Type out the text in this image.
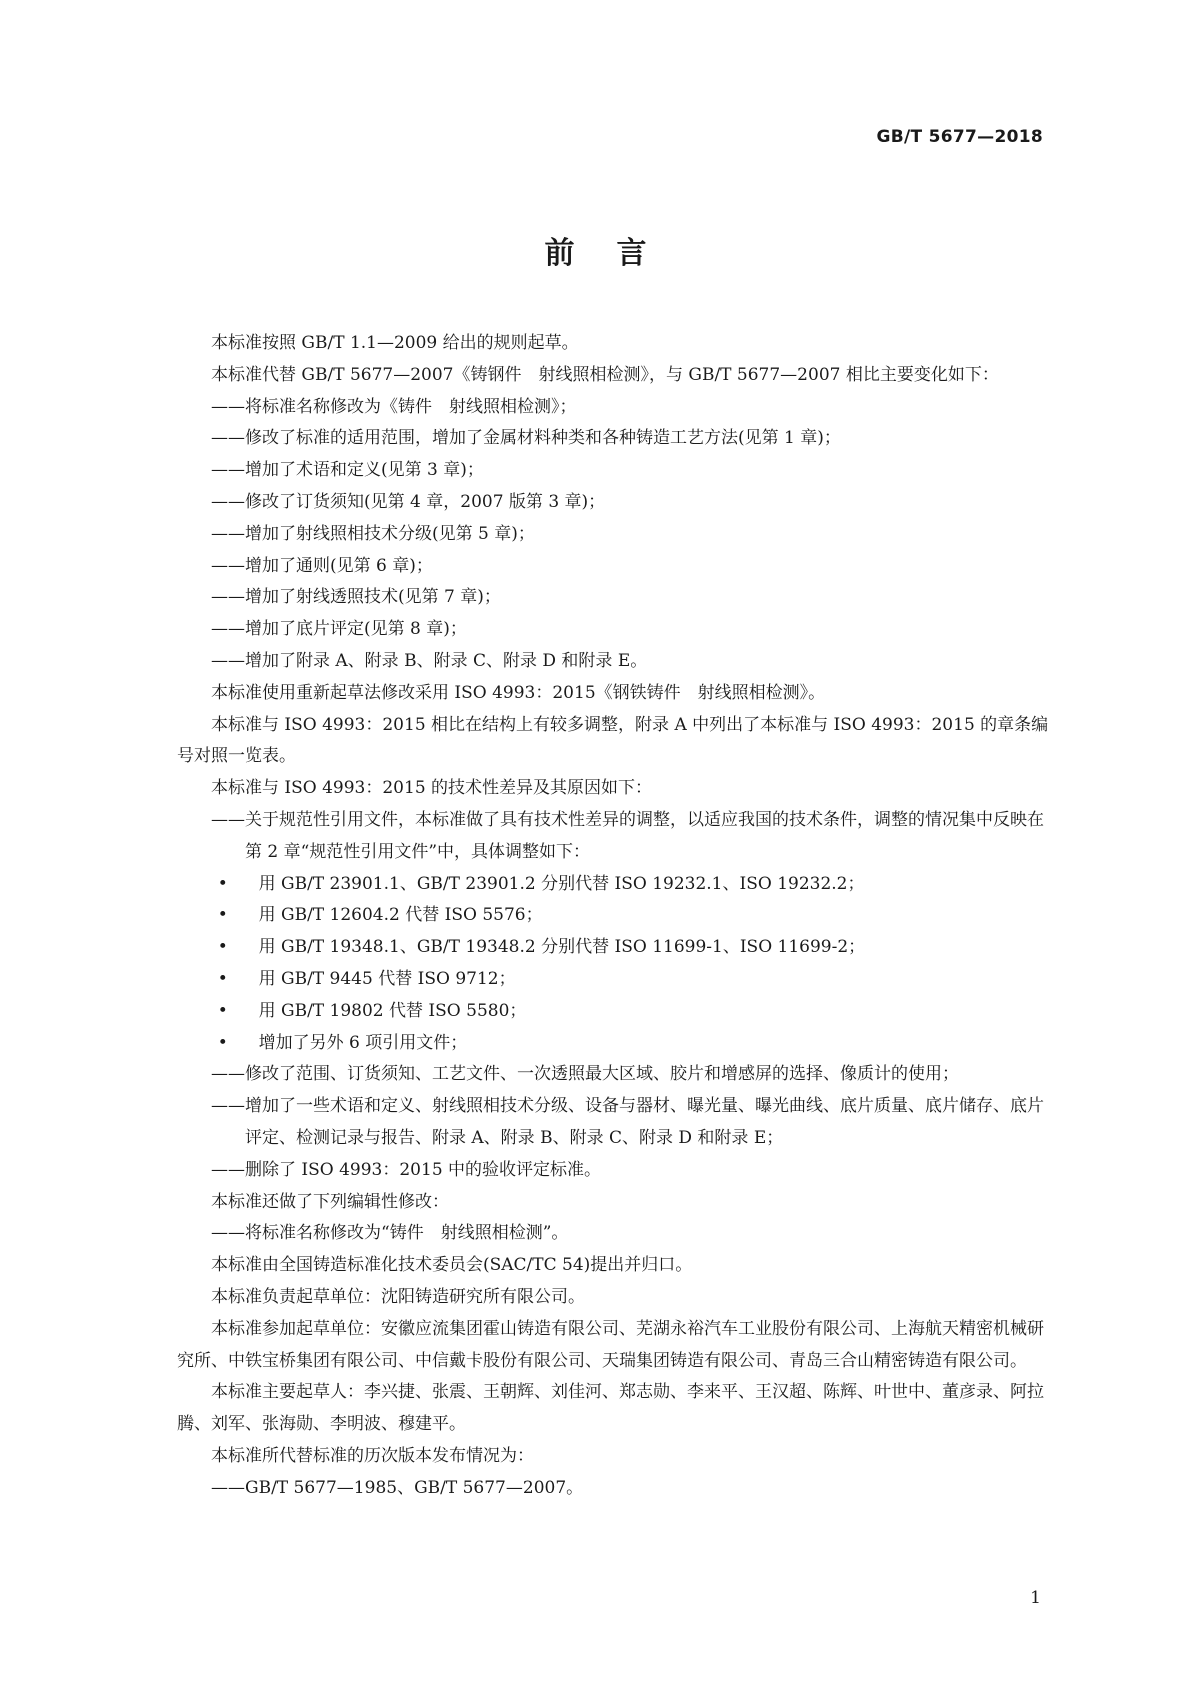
GB/T 5677—2018
前言
本标准按照 GB/T 1.1—2009 给出的规则起草。
本标准代替 GB/T 5677—2007《铸钢件　射线照相检测》，与 GB/T 5677—2007 相比主要变化如下：
——将标准名称修改为《铸件　射线照相检测》；
——修改了标准的适用范围，增加了金属材料种类和各种铸造工艺方法(见第 1 章)；
——增加了术语和定义(见第 3 章)；
——修改了订货须知(见第 4 章，2007 版第 3 章)；
——增加了射线照相技术分级(见第 5 章)；
——增加了通则(见第 6 章)；
——增加了射线透照技术(见第 7 章)；
——增加了底片评定(见第 8 章)；
——增加了附录 A、附录 B、附录 C、附录 D 和附录 E。
本标准使用重新起草法修改采用 ISO 4993：2015《钢铁铸件　射线照相检测》。
本标准与 ISO 4993：2015 相比在结构上有较多调整，附录 A 中列出了本标准与 ISO 4993：2015 的章条编号对照一览表。
本标准与 ISO 4993：2015 的技术性差异及其原因如下：
——关于规范性引用文件，本标准做了具有技术性差异的调整，以适应我国的技术条件，调整的情况集中反映在第 2 章“规范性引用文件”中，具体调整如下：
• 用 GB/T 23901.1、GB/T 23901.2 分别代替 ISO 19232.1、ISO 19232.2；
• 用 GB/T 12604.2 代替 ISO 5576；
• 用 GB/T 19348.1、GB/T 19348.2 分别代替 ISO 11699-1、ISO 11699-2；
• 用 GB/T 9445 代替 ISO 9712；
• 用 GB/T 19802 代替 ISO 5580；
• 增加了另外 6 项引用文件；
——修改了范围、订货须知、工艺文件、一次透照最大区域、胶片和增感屏的选择、像质计的使用；
——增加了一些术语和定义、射线照相技术分级、设备与器材、曝光量、曝光曲线、底片质量、底片储存、底片评定、检测记录与报告、附录 A、附录 B、附录 C、附录 D 和附录 E；
——删除了 ISO 4993：2015 中的验收评定标准。
本标准还做了下列编辑性修改：
——将标准名称修改为“铸件　射线照相检测”。
本标准由全国铸造标准化技术委员会(SAC/TC 54)提出并归口。
本标准负责起草单位：沈阳铸造研究所有限公司。
本标准参加起草单位：安徽应流集团霍山铸造有限公司、芜湖永裕汽车工业股份有限公司、上海航天精密机械研究所、中铁宝桥集团有限公司、中信戴卡股份有限公司、天瑞集团铸造有限公司、青岛三合山精密铸造有限公司。
本标准主要起草人：李兴捷、张震、王朝辉、刘佳河、郑志勋、李来平、王汉超、陈辉、叶世中、董彦录、阿拉腾、刘军、张海勋、李明波、穆建平。
本标准所代替标准的历次版本发布情况为：
——GB/T 5677—1985、GB/T 5677—2007。
1
